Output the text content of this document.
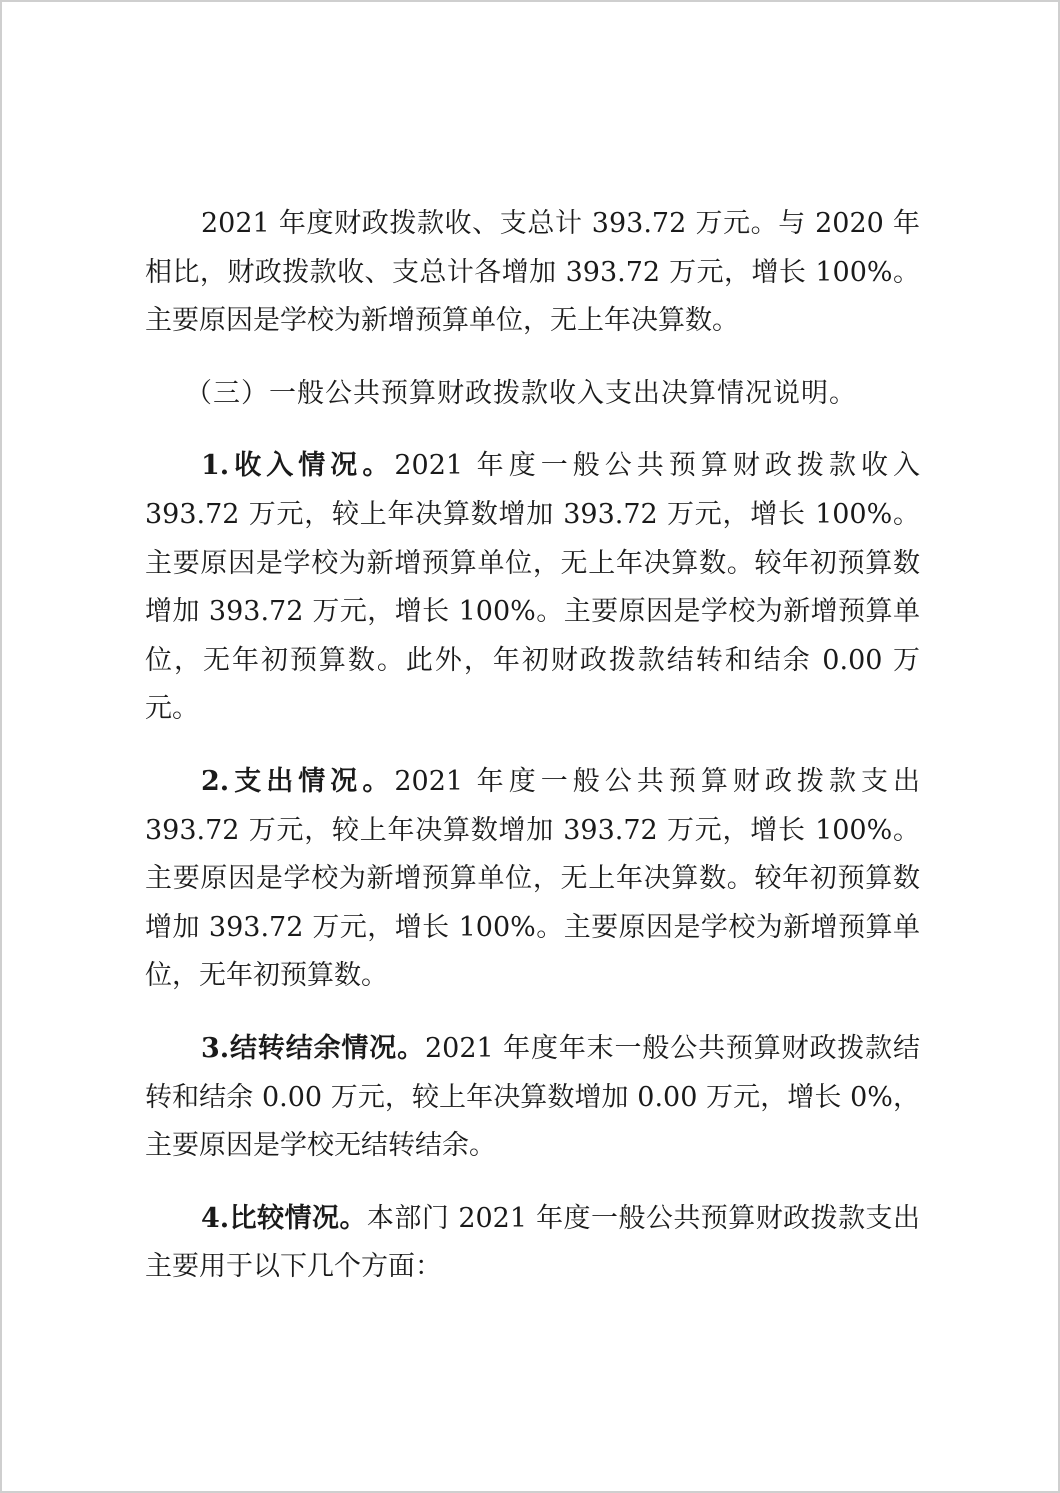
2021 年度财政拨款收、支总计 393.72 万元。与 2020 年相比，财政拨款收、支总计各增加 393.72 万元，增长 100%。主要原因是学校为新增预算单位，无上年决算数。

（三）一般公共预算财政拨款收入支出决算情况说明。

1.收入情况。2021 年度一般公共预算财政拨款收入 393.72 万元，较上年决算数增加 393.72 万元，增长 100%。主要原因是学校为新增预算单位，无上年决算数。较年初预算数增加 393.72 万元，增长 100%。主要原因是学校为新增预算单位，无年初预算数。此外，年初财政拨款结转和结余 0.00 万元。

2.支出情况。2021 年度一般公共预算财政拨款支出 393.72 万元，较上年决算数增加 393.72 万元，增长 100%。主要原因是学校为新增预算单位，无上年决算数。较年初预算数增加 393.72 万元，增长 100%。主要原因是学校为新增预算单位，无年初预算数。

3.结转结余情况。2021 年度年末一般公共预算财政拨款结转和结余 0.00 万元，较上年决算数增加 0.00 万元，增长 0%，主要原因是学校无结转结余。

4.比较情况。本部门 2021 年度一般公共预算财政拨款支出主要用于以下几个方面：
